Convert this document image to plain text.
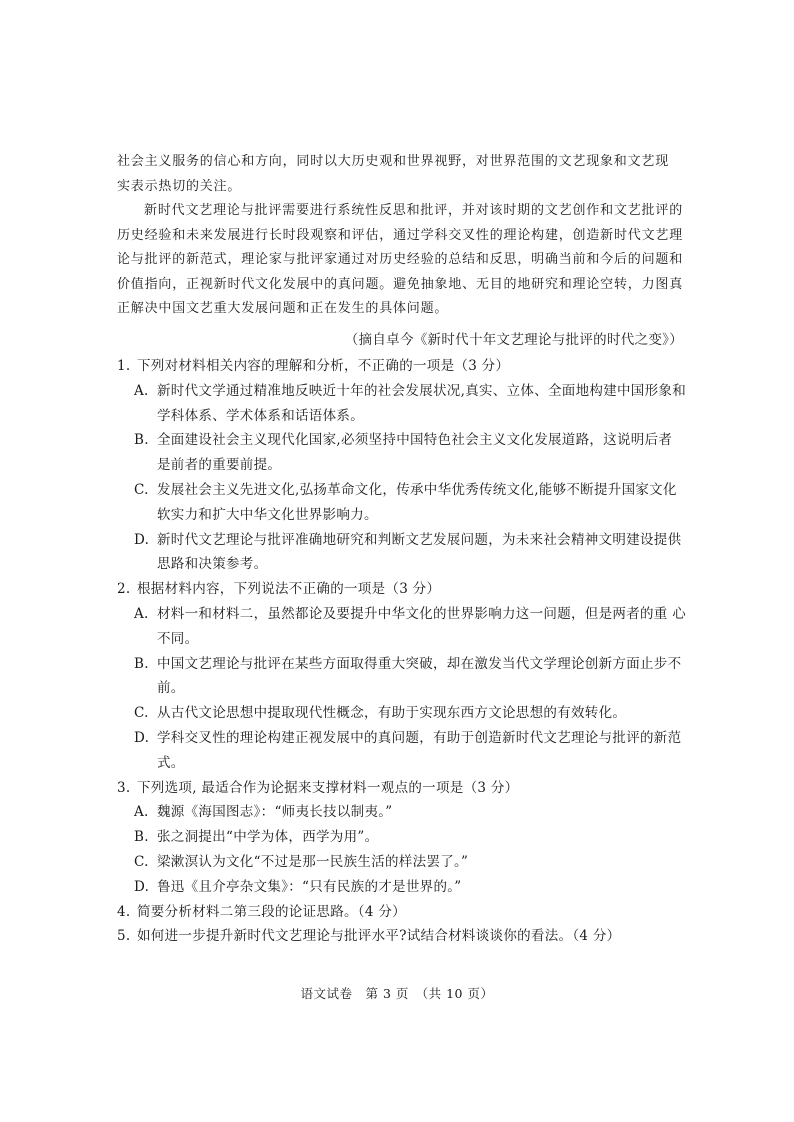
社会主义服务的信心和方向，同时以大历史观和世界视野，对世界范围的文艺现象和文艺现

实表示热切的关注。

新时代文艺理论与批评需要进行系统性反思和批评，并对该时期的文艺创作和文艺批评的历史经验和未来发展进行长时段观察和评估，通过学科交叉性的理论构建，创造新时代文艺理论与批评的新范式，理论家与批评家通过对历史经验的总结和反思，明确当前和今后的问题和价值指向，正视新时代文化发展中的真问题。避免抽象地、无目的地研究和理论空转，力图真正解决中国文艺重大发展问题和正在发生的具体问题。

（摘自卓今《新时代十年文艺理论与批评的时代之变》）

1. 下列对材料相关内容的理解和分析，不正确的一项是（3 分）

A. 新时代文学通过精准地反映近十年的社会发展状况,真实、立体、全面地构建中国形象和学科体系、学术体系和话语体系。

B. 全面建设社会主义现代化国家,必须坚持中国特色社会主义文化发展道路，这说明后者 是前者的重要前提。

C. 发展社会主义先进文化,弘扬革命文化，传承中华优秀传统文化,能够不断提升国家文化软实力和扩大中华文化世界影响力。

D. 新时代文艺理论与批评准确地研究和判断文艺发展问题，为未来社会精神文明建设提供思路和决策参考。

2. 根据材料内容，下列说法不正确的一项是（3 分）

A. 材料一和材料二，虽然都论及要提升中华文化的世界影响力这一问题，但是两者的重 心不同。

B. 中国文艺理论与批评在某些方面取得重大突破，却在激发当代文学理论创新方面止步不前。

C. 从古代文论思想中提取现代性概念，有助于实现东西方文论思想的有效转化。

D. 学科交叉性的理论构建正视发展中的真问题，有助于创造新时代文艺理论与批评的新范式。

3. 下列选项, 最适合作为论据来支撑材料一观点的一项是（3 分）

A. 魏源《海国图志》：“师夷长技以制夷。”

B. 张之洞提出“中学为体，西学为用”。

C. 梁漱溟认为文化“不过是那一民族生活的样法罢了。”

D. 鲁迅《且介亭杂文集》：“只有民族的才是世界的。”

4. 简要分析材料二第三段的论证思路。（4 分）

5. 如何进一步提升新时代文艺理论与批评水平?试结合材料谈谈你的看法。（4 分）

语文试卷　第 3 页　（共 10 页）
